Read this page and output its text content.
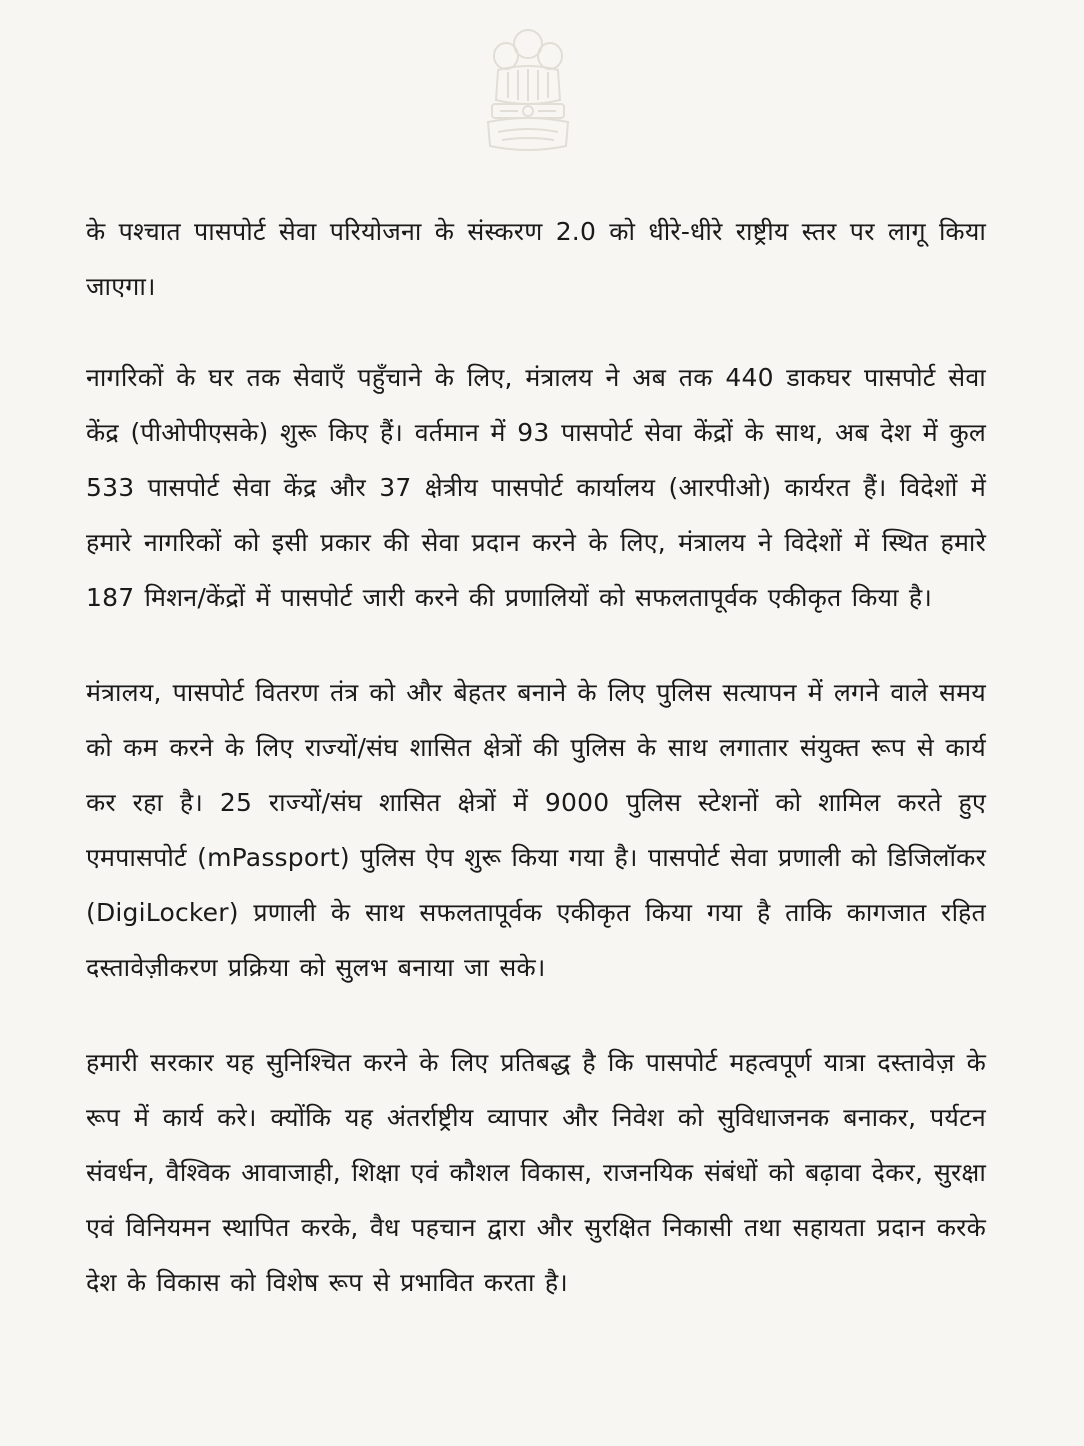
के पश्चात पासपोर्ट सेवा परियोजना के संस्करण 2.0 को धीरे-धीरे राष्ट्रीय स्तर पर लागू किया जाएगा।

नागरिकों के घर तक सेवाएँ पहुँचाने के लिए, मंत्रालय ने अब तक 440 डाकघर पासपोर्ट सेवा केंद्र (पीओपीएसके) शुरू किए हैं। वर्तमान में 93 पासपोर्ट सेवा केंद्रों के साथ, अब देश में कुल 533 पासपोर्ट सेवा केंद्र और 37 क्षेत्रीय पासपोर्ट कार्यालय (आरपीओ) कार्यरत हैं। विदेशों में हमारे नागरिकों को इसी प्रकार की सेवा प्रदान करने के लिए, मंत्रालय ने विदेशों में स्थित हमारे 187 मिशन/केंद्रों में पासपोर्ट जारी करने की प्रणालियों को सफलतापूर्वक एकीकृत किया है।

मंत्रालय, पासपोर्ट वितरण तंत्र को और बेहतर बनाने के लिए पुलिस सत्यापन में लगने वाले समय को कम करने के लिए राज्यों/संघ शासित क्षेत्रों की पुलिस के साथ लगातार संयुक्त रूप से कार्य कर रहा है। 25 राज्यों/संघ शासित क्षेत्रों में 9000 पुलिस स्टेशनों को शामिल करते हुए एमपासपोर्ट (mPassport) पुलिस ऐप शुरू किया गया है। पासपोर्ट सेवा प्रणाली को डिजिलॉकर (DigiLocker) प्रणाली के साथ सफलतापूर्वक एकीकृत किया गया है ताकि कागजात रहित दस्तावेज़ीकरण प्रक्रिया को सुलभ बनाया जा सके।

हमारी सरकार यह सुनिश्चित करने के लिए प्रतिबद्ध है कि पासपोर्ट महत्वपूर्ण यात्रा दस्तावेज़ के रूप में कार्य करे। क्योंकि यह अंतर्राष्ट्रीय व्यापार और निवेश को सुविधाजनक बनाकर, पर्यटन संवर्धन, वैश्विक आवाजाही, शिक्षा एवं कौशल विकास, राजनयिक संबंधों को बढ़ावा देकर, सुरक्षा एवं विनियमन स्थापित करके, वैध पहचान द्वारा और सुरक्षित निकासी तथा सहायता प्रदान करके देश के विकास को विशेष रूप से प्रभावित करता है।
